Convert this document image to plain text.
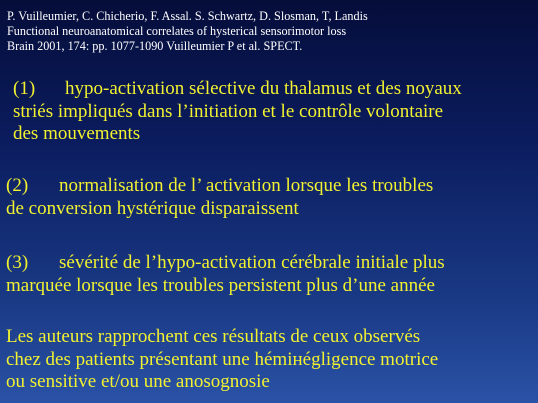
P. Vuilleumier, C. Chicherio, F. Assal. S. Schwartz, D. Slosman, T, Landis
Functional neuroanatomical correlates of hysterical sensorimotor loss
Brain 2001, 174: pp. 1077-1090 Vuilleumier P et al. SPECT.
(1) hypo-activation sélective du thalamus et des noyaux
striés impliqués dans l’initiation et le contrôle volontaire
des mouvements
(2) normalisation de l’ activation lorsque les troubles
de conversion hystérique disparaissent
(3) sévérité de l’hypo-activation cérébrale initiale plus
marquée lorsque les troubles persistent plus d’une année
Les auteurs rapprochent ces résultats de ceux observés
chez des patients présentant une hémінégligence motrice
ou sensitive et/ou une anosognosie
